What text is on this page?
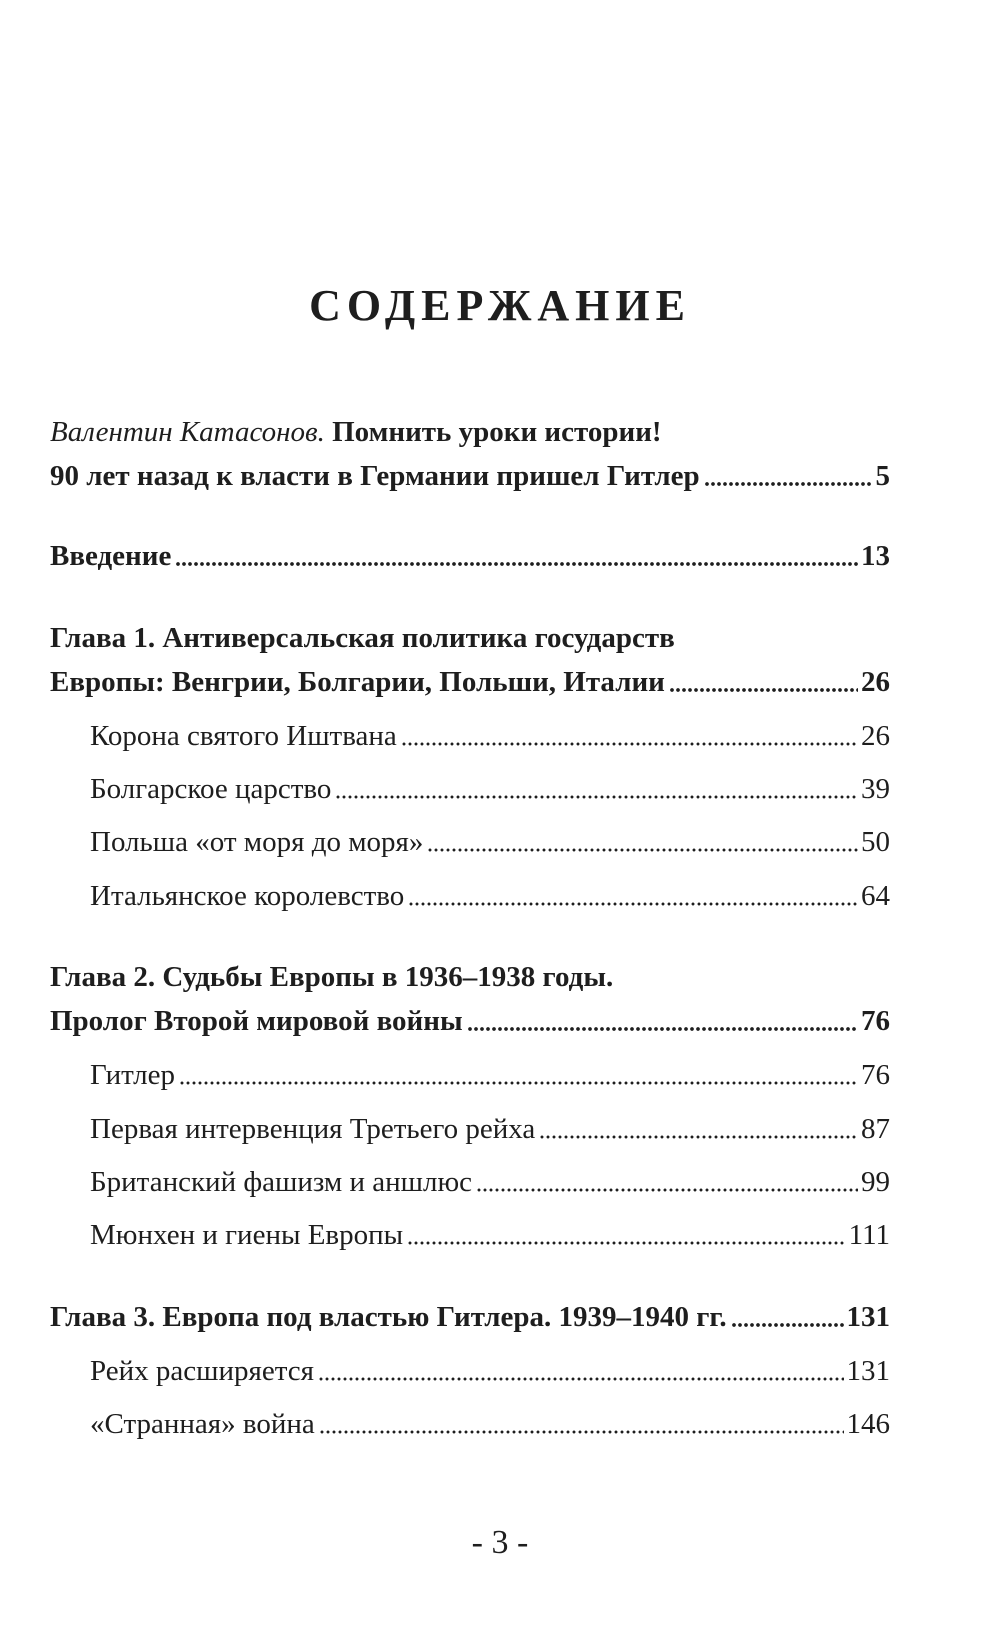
СОДЕРЖАНИЕ
Валентин Катасонов.
Помнить уроки истории!
90 лет назад к власти в Германии пришел Гитлер	5
Введение	13
Глава 1. Антиверсальская политика государств
Европы: Венгрии, Болгарии, Польши, Италии	26
Корона святого Иштвана	26
Болгарское царство	39
Польша «от моря до моря»	50
Итальянское королевство	64
Глава 2. Судьбы Европы в 1936–1938 годы.
Пролог Второй мировой войны	76
Гитлер	76
Первая интервенция Третьего рейха	87
Британский фашизм и аншлюс	99
Мюнхен и гиены Европы	111
Глава 3. Европа под властью Гитлера. 1939–1940 гг.	131
Рейх расширяется	131
«Странная» война	146
- 3 -
